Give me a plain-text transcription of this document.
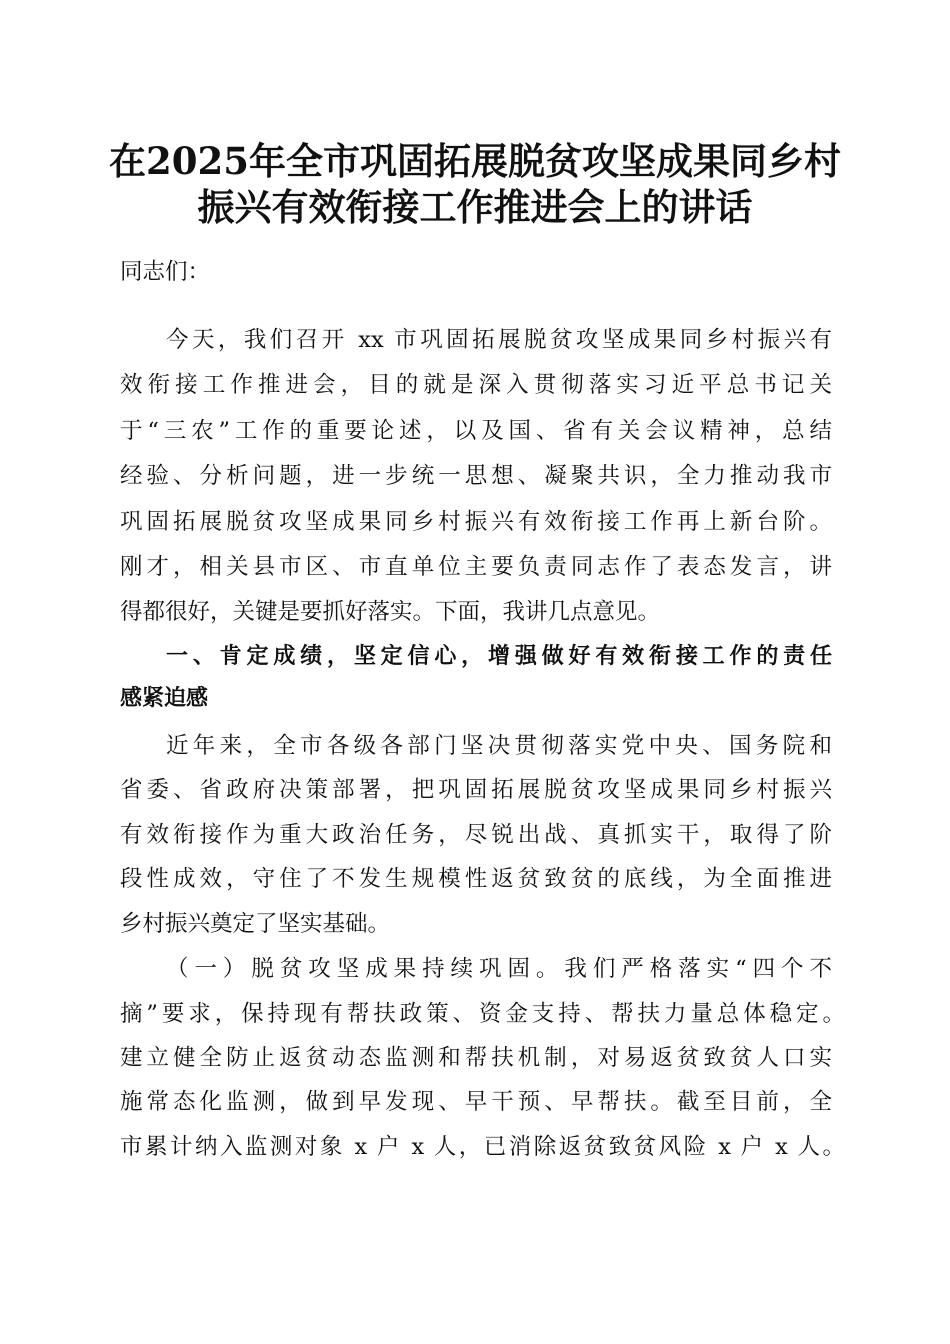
在2025年全市巩固拓展脱贫攻坚成果同乡村
振兴有效衔接工作推进会上的讲话
同志们：
今天，我们召开 xx 市巩固拓展脱贫攻坚成果同乡村振兴有
效衔接工作推进会，目的就是深入贯彻落实习近平总书记关
于“三农”工作的重要论述，以及国、省有关会议精神，总结
经验、分析问题，进一步统一思想、凝聚共识，全力推动我市
巩固拓展脱贫攻坚成果同乡村振兴有效衔接工作再上新台阶。
刚才，相关县市区、市直单位主要负责同志作了表态发言，讲
得都很好，关键是要抓好落实。下面，我讲几点意见。
一、肯定成绩，坚定信心，增强做好有效衔接工作的责任
感紧迫感
近年来，全市各级各部门坚决贯彻落实党中央、国务院和
省委、省政府决策部署，把巩固拓展脱贫攻坚成果同乡村振兴
有效衔接作为重大政治任务，尽锐出战、真抓实干，取得了阶
段性成效，守住了不发生规模性返贫致贫的底线，为全面推进
乡村振兴奠定了坚实基础。
（一）脱贫攻坚成果持续巩固。我们严格落实“四个不
摘”要求，保持现有帮扶政策、资金支持、帮扶力量总体稳定。
建立健全防止返贫动态监测和帮扶机制，对易返贫致贫人口实
施常态化监测，做到早发现、早干预、早帮扶。截至目前，全
市累计纳入监测对象 x 户 x 人，已消除返贫致贫风险 x 户 x 人。
